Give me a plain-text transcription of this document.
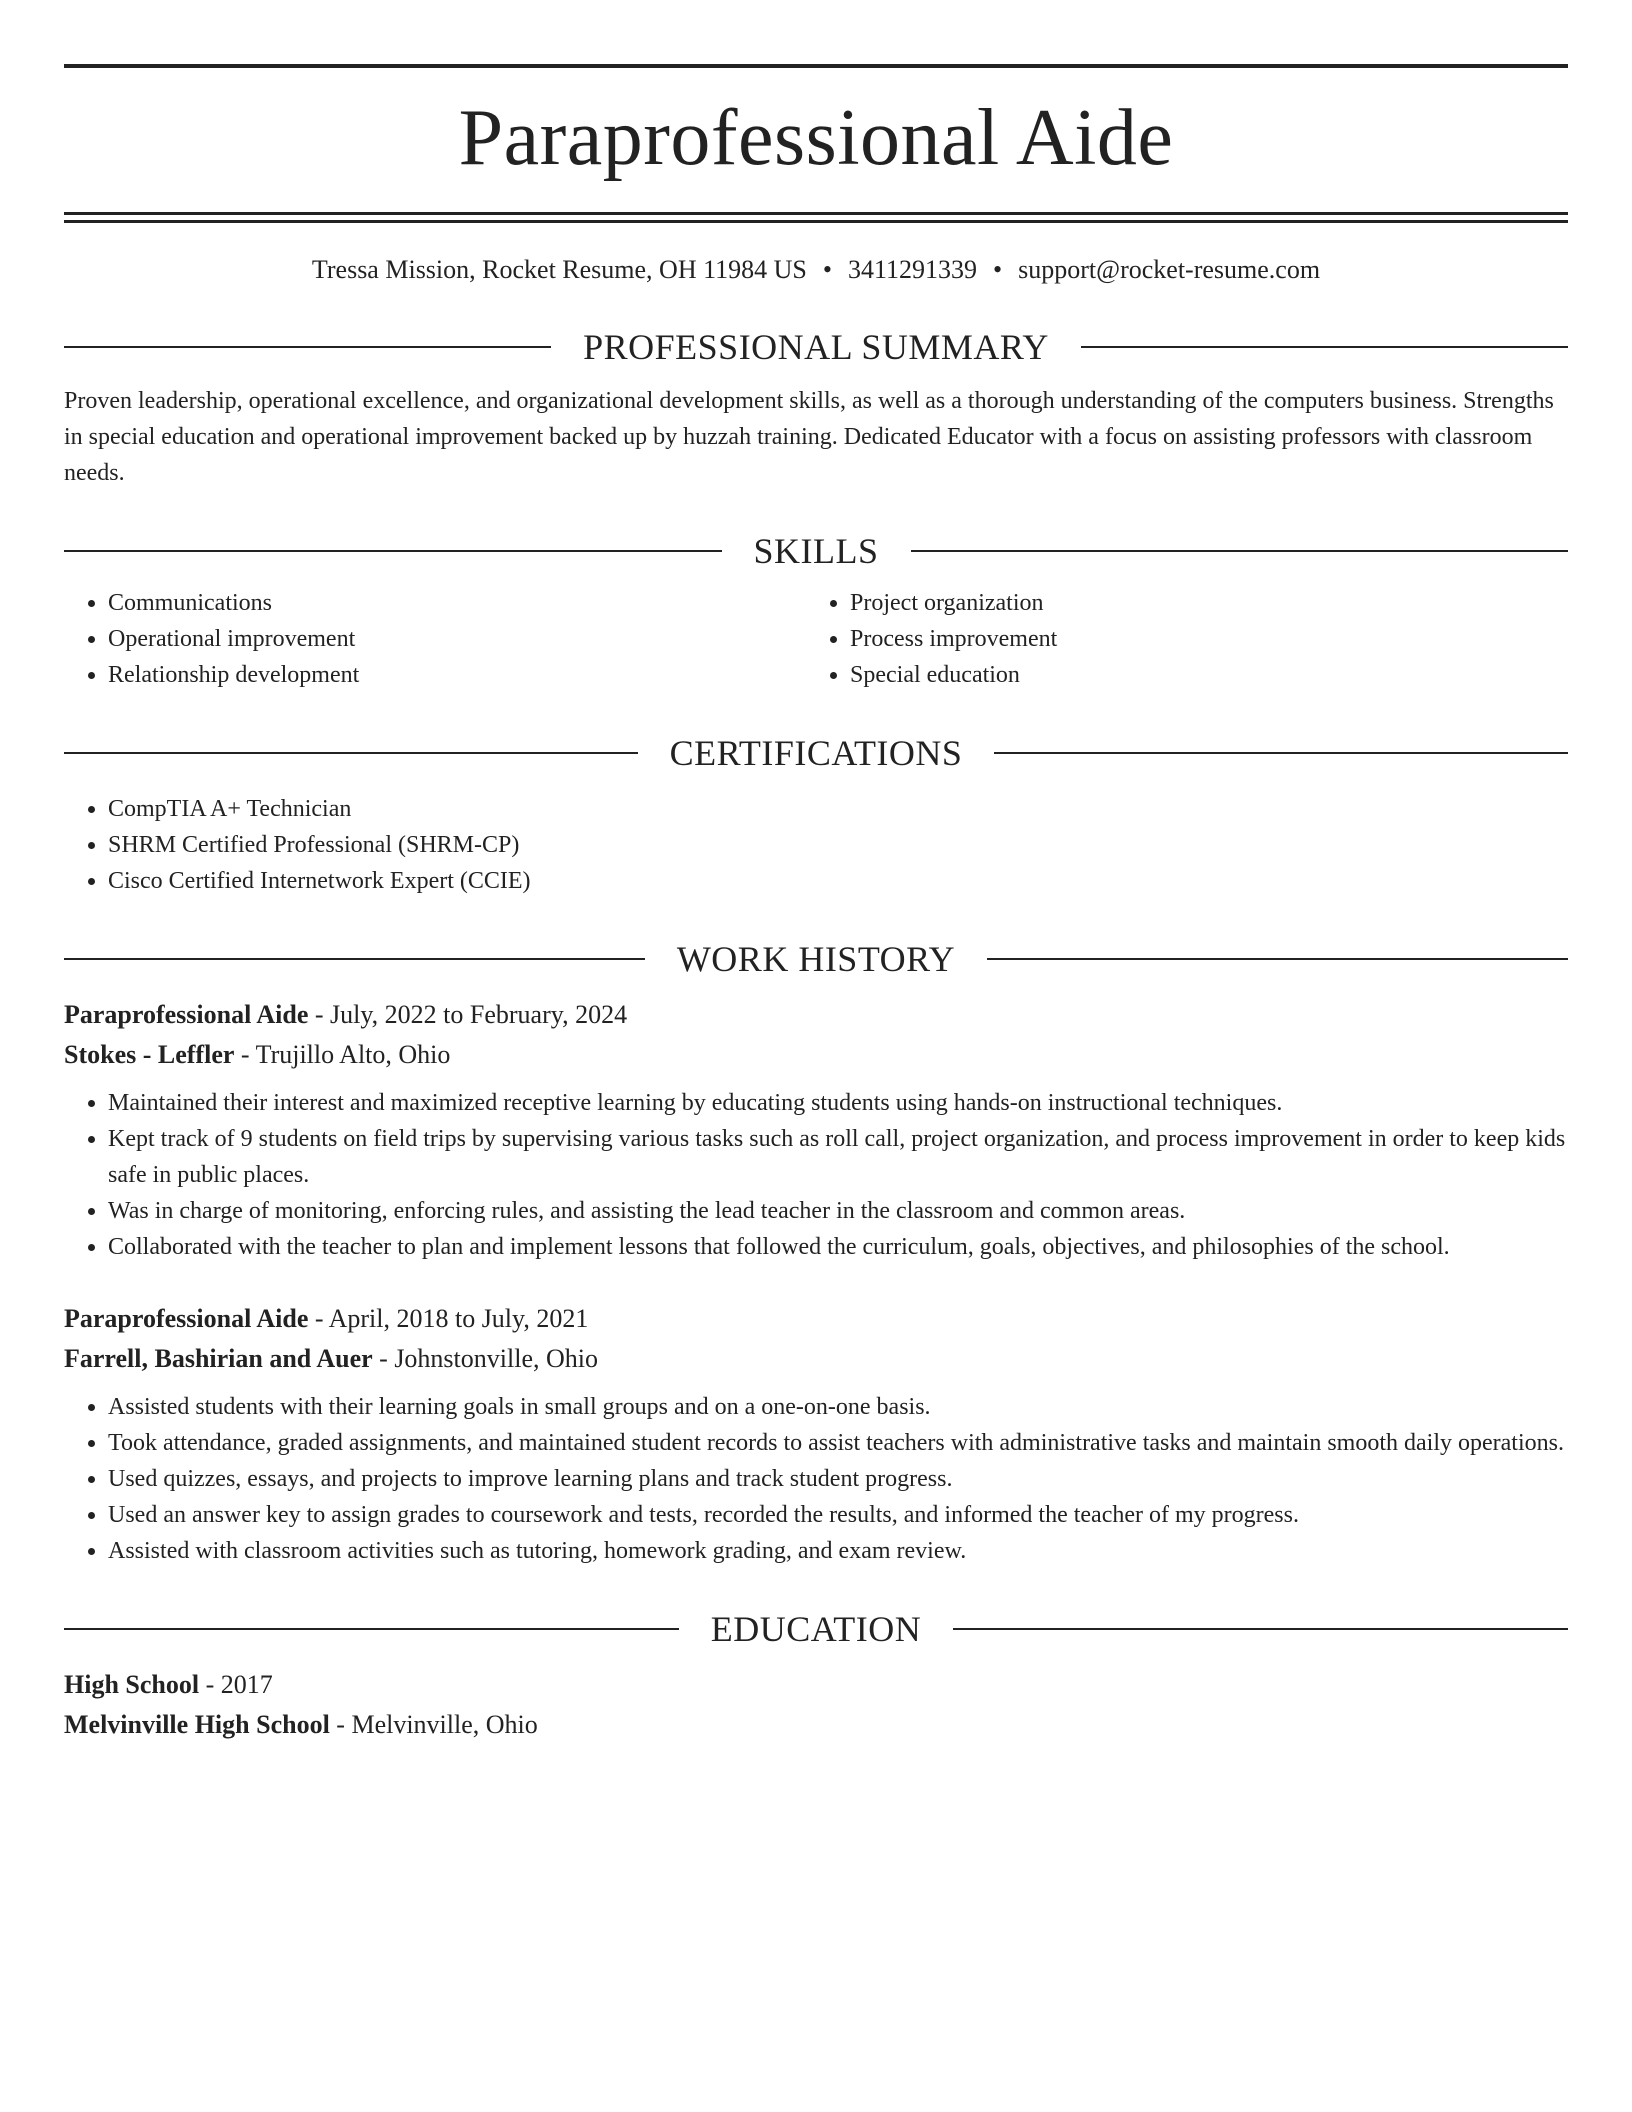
Paraprofessional Aide
Tressa Mission, Rocket Resume, OH 11984 US • 3411291339 • support@rocket-resume.com
PROFESSIONAL SUMMARY
Proven leadership, operational excellence, and organizational development skills, as well as a thorough understanding of the computers business. Strengths in special education and operational improvement backed up by huzzah training. Dedicated Educator with a focus on assisting professors with classroom needs.
SKILLS
• Communications
• Operational improvement
• Relationship development
• Project organization
• Process improvement
• Special education
CERTIFICATIONS
• CompTIA A+ Technician
• SHRM Certified Professional (SHRM-CP)
• Cisco Certified Internetwork Expert (CCIE)
WORK HISTORY
Paraprofessional Aide - July, 2022 to February, 2024
Stokes - Leffler - Trujillo Alto, Ohio
• Maintained their interest and maximized receptive learning by educating students using hands-on instructional techniques.
• Kept track of 9 students on field trips by supervising various tasks such as roll call, project organization, and process improvement in order to keep kids safe in public places.
• Was in charge of monitoring, enforcing rules, and assisting the lead teacher in the classroom and common areas.
• Collaborated with the teacher to plan and implement lessons that followed the curriculum, goals, objectives, and philosophies of the school.
Paraprofessional Aide - April, 2018 to July, 2021
Farrell, Bashirian and Auer - Johnstonville, Ohio
• Assisted students with their learning goals in small groups and on a one-on-one basis.
• Took attendance, graded assignments, and maintained student records to assist teachers with administrative tasks and maintain smooth daily operations.
• Used quizzes, essays, and projects to improve learning plans and track student progress.
• Used an answer key to assign grades to coursework and tests, recorded the results, and informed the teacher of my progress.
• Assisted with classroom activities such as tutoring, homework grading, and exam review.
EDUCATION
High School - 2017
Melvinville High School - Melvinville, Ohio
